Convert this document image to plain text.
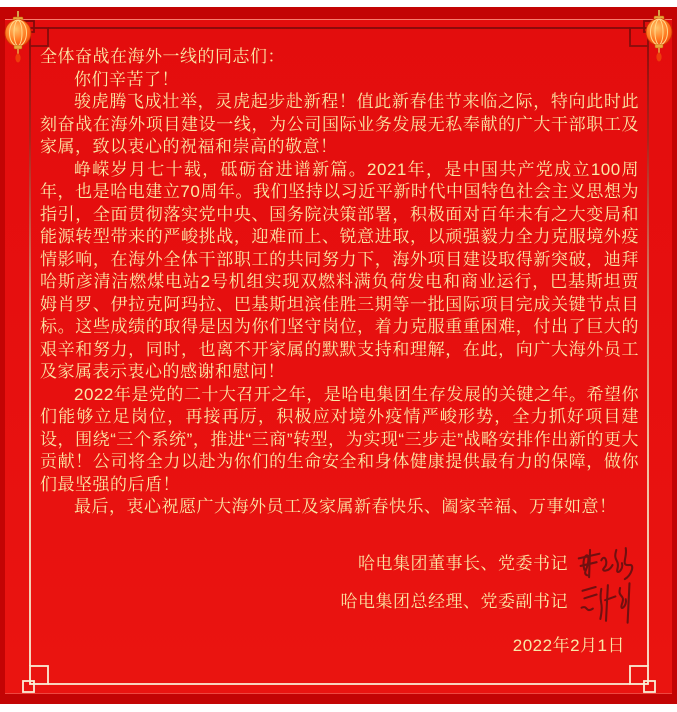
全体奋战在海外一线的同志们：

你们辛苦了！

骏虎腾飞成壮举，灵虎起步赴新程！值此新春佳节来临之际，特向此时此刻奋战在海外项目建设一线，为公司国际业务发展无私奉献的广大干部职工及家属，致以衷心的祝福和崇高的敬意！

峥嵘岁月七十载，砥砺奋进谱新篇。2021年，是中国共产党成立100周年，也是哈电建立70周年。我们坚持以习近平新时代中国特色社会主义思想为指引，全面贯彻落实党中央、国务院决策部署，积极面对百年未有之大变局和能源转型带来的严峻挑战，迎难而上、锐意进取，以顽强毅力全力克服境外疫情影响，在海外全体干部职工的共同努力下，海外项目建设取得新突破，迪拜哈斯彦清洁燃煤电站2号机组实现双燃料满负荷发电和商业运行，巴基斯坦贾姆肖罗、伊拉克阿玛拉、巴基斯坦滨佳胜三期等一批国际项目完成关键节点目标。这些成绩的取得是因为你们坚守岗位，着力克服重重困难，付出了巨大的艰辛和努力，同时，也离不开家属的默默支持和理解，在此，向广大海外员工及家属表示衷心的感谢和慰问！

2022年是党的二十大召开之年，是哈电集团生存发展的关键之年。希望你们能够立足岗位，再接再厉，积极应对境外疫情严峻形势，全力抓好项目建设，围绕“三个系统”，推进“三商”转型，为实现“三步走”战略安排作出新的更大贡献！公司将全力以赴为你们的生命安全和身体健康提供最有力的保障，做你们最坚强的后盾！

最后，衷心祝愿广大海外员工及家属新春快乐、阖家幸福、万事如意！

哈电集团董事长、党委书记
哈电集团总经理、党委副书记
2022年2月1日
